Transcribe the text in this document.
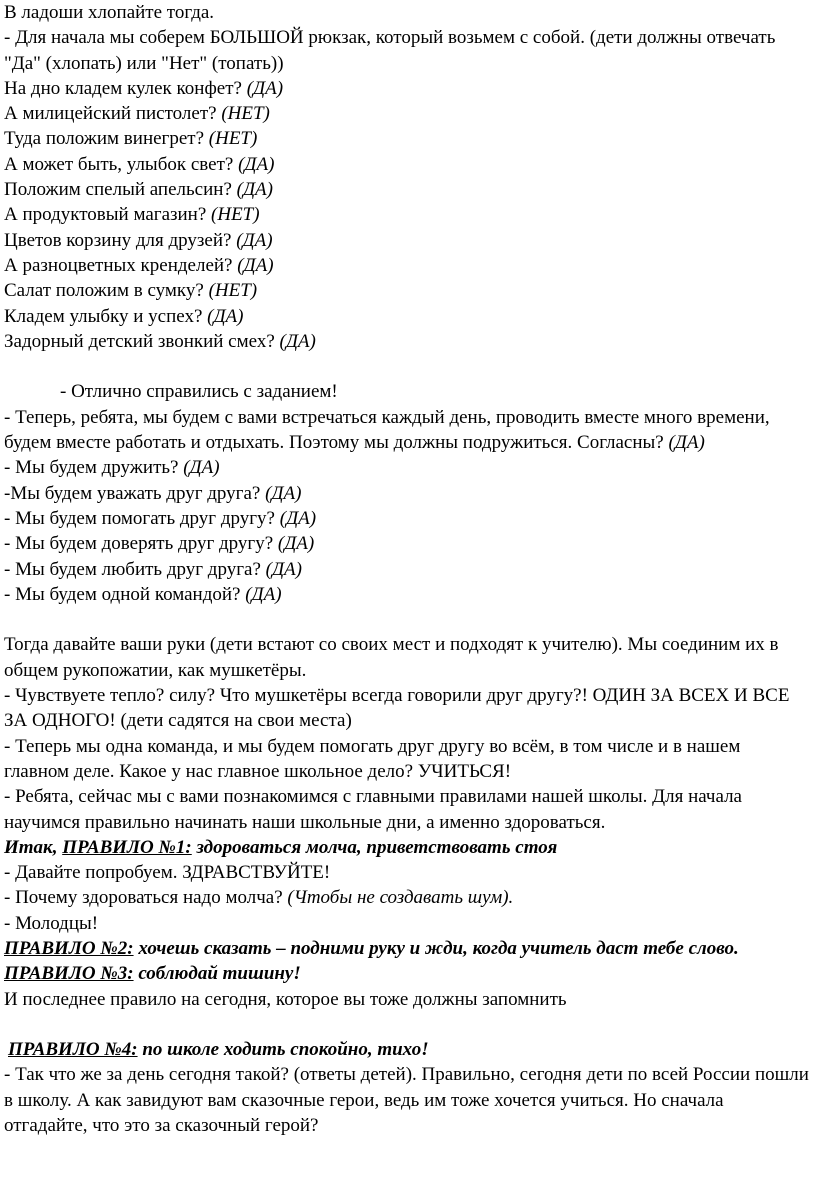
В ладоши хлопайте тогда.

- Для начала мы соберем БОЛЬШОЙ рюкзак, который возьмем с собой. (дети должны отвечать "Да" (хлопать) или "Нет" (топать))

На дно кладем кулек конфет? (ДА)

А милицейский пистолет? (НЕТ)

Туда положим винегрет? (НЕТ)

А может быть, улыбок свет? (ДА)

Положим спелый апельсин? (ДА)

А продуктовый магазин? (НЕТ)

Цветов корзину для друзей? (ДА)

А разноцветных кренделей? (ДА)

Салат положим в сумку? (НЕТ)

Кладем улыбку и успех? (ДА)

Задорный детский звонкий смех? (ДА)

- Отлично справились с заданием!

- Теперь, ребята, мы будем с вами встречаться каждый день, проводить вместе много времени, будем вместе работать и отдыхать. Поэтому мы должны подружиться. Согласны? (ДА)

- Мы будем дружить? (ДА)

-Мы будем уважать друг друга? (ДА)

- Мы будем помогать друг другу? (ДА)

- Мы будем доверять друг другу? (ДА)

- Мы будем любить друг друга? (ДА)

- Мы будем одной командой? (ДА)

Тогда давайте ваши руки (дети встают со своих мест и подходят к учителю). Мы соединим их в общем рукопожатии, как мушкетёры.

- Чувствуете тепло? силу? Что мушкетёры всегда говорили друг другу?! ОДИН ЗА ВСЕХ И ВСЕ ЗА ОДНОГО! (дети садятся на свои места)

- Теперь мы одна команда, и мы будем помогать друг другу во всём, в том числе и в нашем главном деле. Какое у нас главное школьное дело? УЧИТЬСЯ!

- Ребята, сейчас мы с вами познакомимся с главными правилами нашей школы. Для начала научимся правильно начинать наши школьные дни, а именно здороваться.

Итак, ПРАВИЛО №1: здороваться молча, приветствовать стоя

- Давайте попробуем. ЗДРАВСТВУЙТЕ!

- Почему здороваться надо молча? (Чтобы не создавать шум).

- Молодцы!

ПРАВИЛО №2: хочешь сказать – подними руку и жди, когда учитель даст тебе слово.

ПРАВИЛО №3: соблюдай тишину!

И последнее правило на сегодня, которое вы тоже должны запомнить

ПРАВИЛО №4: по школе ходить спокойно, тихо!

- Так что же за день сегодня такой? (ответы детей). Правильно, сегодня дети по всей России пошли в школу. А как завидуют вам сказочные герои, ведь им тоже хочется учиться. Но сначала отгадайте, что это за сказочный герой?
